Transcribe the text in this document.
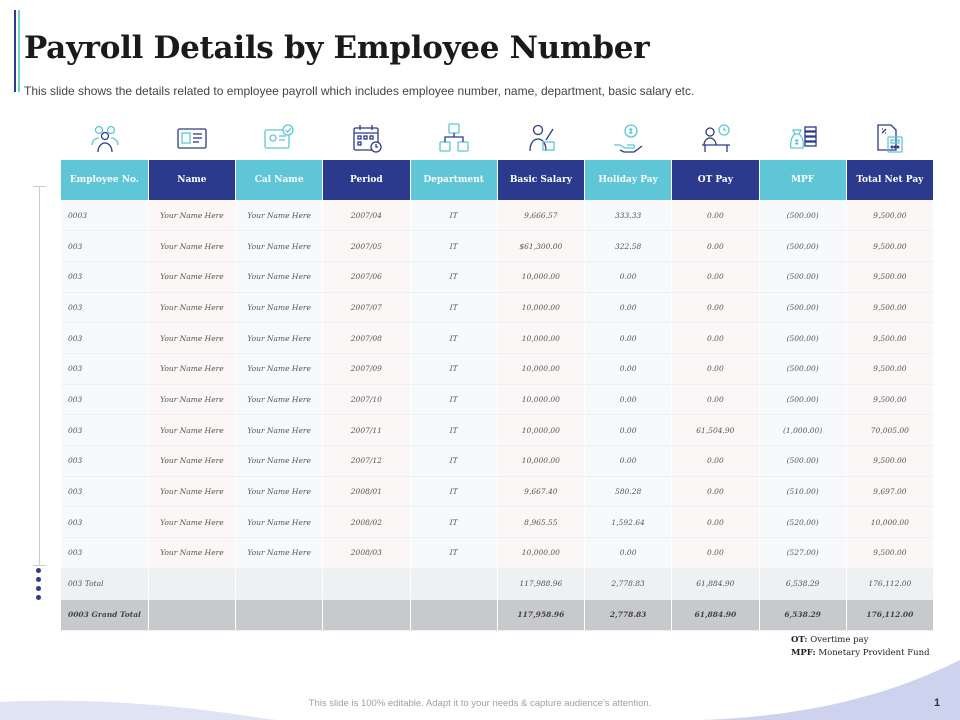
Payroll Details by Employee Number

This slide shows the details related to employee payroll which includes employee number, name, department, basic salary etc.

Employee No.	Name	Cal Name	Period	Department	Basic Salary	Holiday Pay	OT Pay	MPF	Total Net Pay
0003	Your Name Here	Your Name Here	2007/04	IT	9,666.57	333.33	0.00	(500.00)	9,500.00
003	Your Name Here	Your Name Here	2007/05	IT	$61,300.00	322.58	0.00	(500.00)	9,500.00
003	Your Name Here	Your Name Here	2007/06	IT	10,000.00	0.00	0.00	(500.00)	9,500.00
003	Your Name Here	Your Name Here	2007/07	IT	10,000.00	0.00	0.00	(500.00)	9,500.00
003	Your Name Here	Your Name Here	2007/08	IT	10,000.00	0.00	0.00	(500.00)	9,500.00
003	Your Name Here	Your Name Here	2007/09	IT	10,000.00	0.00	0.00	(500.00)	9,500.00
003	Your Name Here	Your Name Here	2007/10	IT	10,000.00	0.00	0.00	(500.00)	9,500.00
003	Your Name Here	Your Name Here	2007/11	IT	10,000.00	0.00	61,504.90	(1,000.00)	70,005.00
003	Your Name Here	Your Name Here	2007/12	IT	10,000.00	0.00	0.00	(500.00)	9,500.00
003	Your Name Here	Your Name Here	2008/01	IT	9,667.40	580.28	0.00	(510.00)	9,697.00
003	Your Name Here	Your Name Here	2008/02	IT	8,965.55	1,592.64	0.00	(520.00)	10,000.00
003	Your Name Here	Your Name Here	2008/03	IT	10,000.00	0.00	0.00	(527.00)	9,500.00
003 Total					117,988.96	2,778.83	61,884.90	6,538.29	176,112.00
0003 Grand Total					117,958.96	2,778.83	61,884.90	6,538.29	176,112.00
OT: Overtime pay
MPF: Monetary Provident Fund
This slide is 100% editable. Adapt it to your needs & capture audience’s attention.	1
